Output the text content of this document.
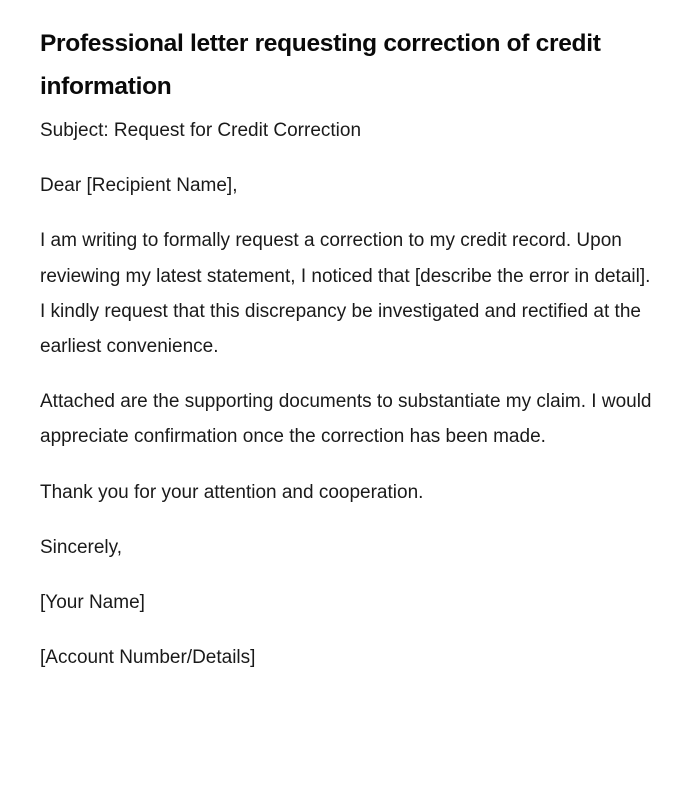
Professional letter requesting correction of credit information

Subject: Request for Credit Correction

Dear [Recipient Name],

I am writing to formally request a correction to my credit record. Upon reviewing my latest statement, I noticed that [describe the error in detail]. I kindly request that this discrepancy be investigated and rectified at the earliest convenience.

Attached are the supporting documents to substantiate my claim. I would appreciate confirmation once the correction has been made.

Thank you for your attention and cooperation.

Sincerely,

[Your Name]

[Account Number/Details]
